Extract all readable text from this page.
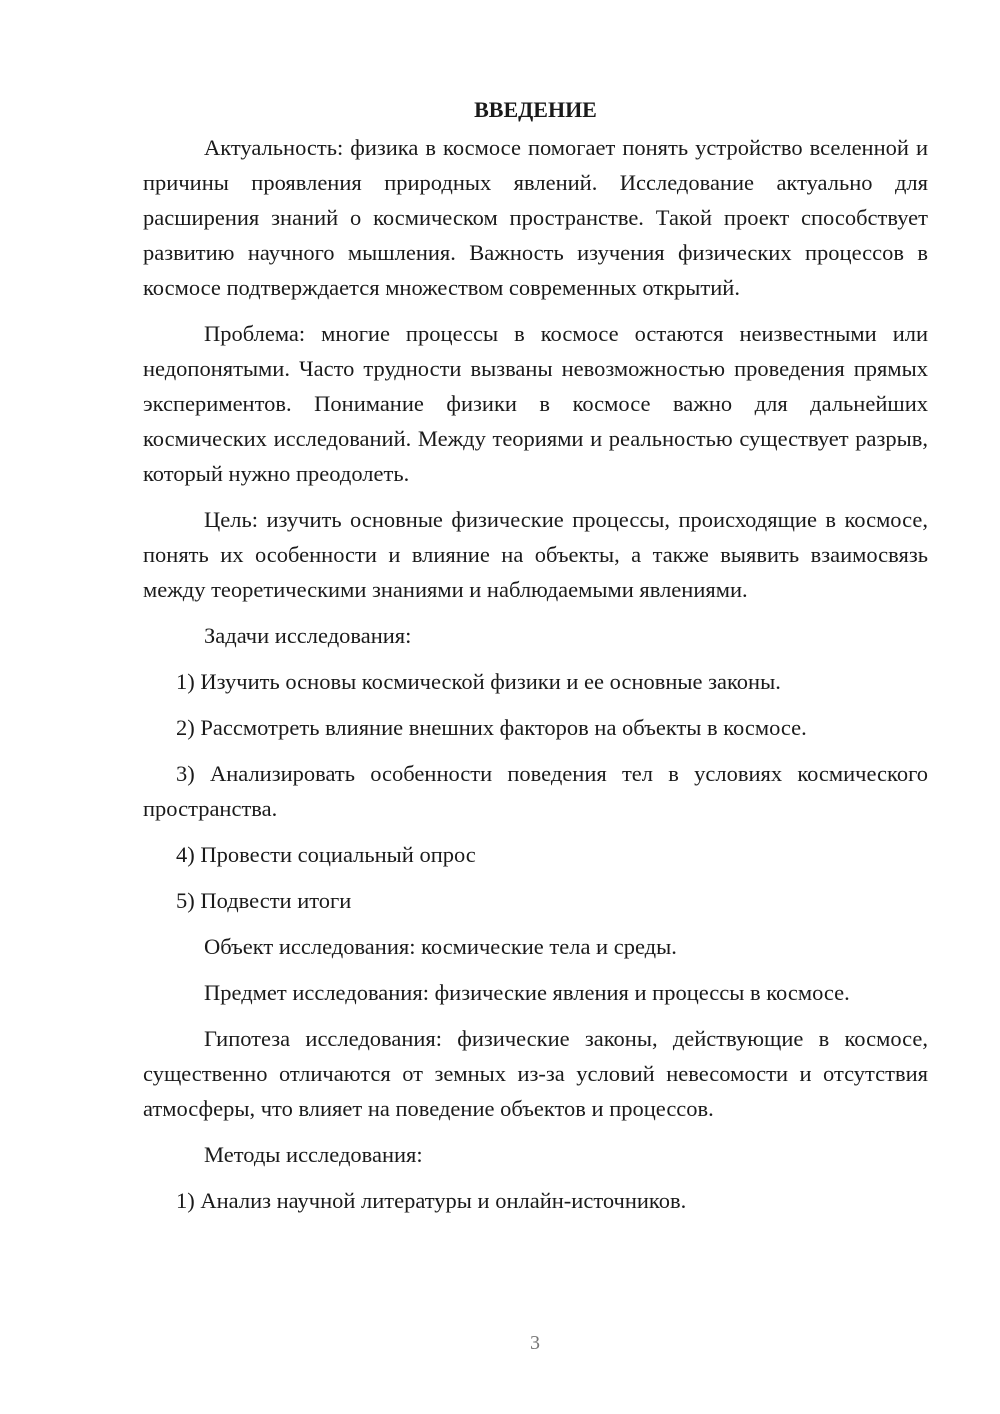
ВВЕДЕНИЕ

Актуальность: физика в космосе помогает понять устройство вселенной и причины проявления природных явлений. Исследование актуально для расширения знаний о космическом пространстве. Такой проект способствует развитию научного мышления. Важность изучения физических процессов в космосе подтверждается множеством современных открытий.

Проблема: многие процессы в космосе остаются неизвестными или недопонятыми. Часто трудности вызваны невозможностью проведения прямых экспериментов. Понимание физики в космосе важно для дальнейших космических исследований. Между теориями и реальностью существует разрыв, который нужно преодолеть.

Цель: изучить основные физические процессы, происходящие в космосе, понять их особенности и влияние на объекты, а также выявить взаимосвязь между теоретическими знаниями и наблюдаемыми явлениями.

Задачи исследования:

1) Изучить основы космической физики и ее основные законы.

2) Рассмотреть влияние внешних факторов на объекты в космосе.

3) Анализировать особенности поведения тел в условиях космического пространства.

4) Провести социальный опрос

5) Подвести итоги

Объект исследования: космические тела и среды.

Предмет исследования: физические явления и процессы в космосе.

Гипотеза исследования: физические законы, действующие в космосе, существенно отличаются от земных из-за условий невесомости и отсутствия атмосферы, что влияет на поведение объектов и процессов.

Методы исследования:

1) Анализ научной литературы и онлайн-источников.

3
